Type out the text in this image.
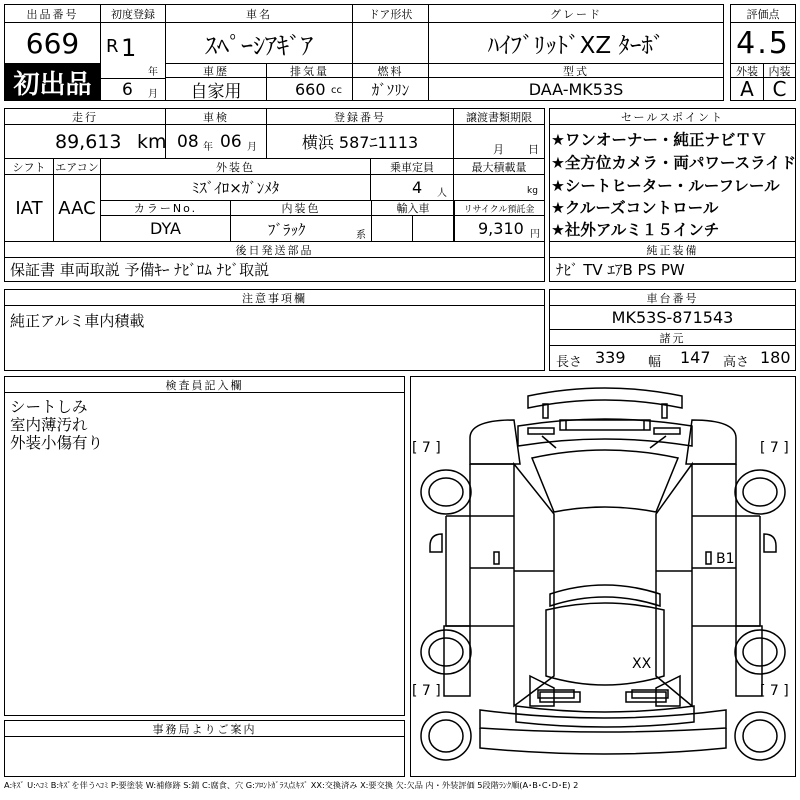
出品番号
669
初出品
初度登録
R 1
年
6 月
車名
ｽﾍﾟｰｼｱｷﾞｱ
ドア形状	グレード
ﾊｲﾌﾞﾘｯﾄﾞXZ ﾀｰﾎﾞ
評価点
4.5
車歴
自家用
排気量
660 cc
燃料
ｶﾞｿﾘﾝ
型式
DAA-MK53S
外装
A
内装
C
走行
89,613 km
車検
08 年 06 月
登録番号
横浜 587ﾆ1113
譲渡書類期限
月 日
シフト
IAT
エアコン
AAC
外装色
ﾐｽﾞｲﾛ×ｶﾞﾝﾒﾀ
乗車定員
4 人
最大積載量
kg
カラーNo.
DYA
内装色
ﾌﾞﾗｯｸ	系
輸入車	リサイクル預託金
9,310 円
後日発送部品
保証書 車両取説 予備ｷｰ ﾅﾋﾞﾛﾑ ﾅﾋﾞ取説
セールスポイント
★ワンオーナー・純正ナビＴＶ
★全方位カメラ・両パワースライド
★シートヒーター・ルーフレール
★クルーズコントロール
★社外アルミ１５インチ
純正装備
ﾅﾋﾞ TV ｴｱB PS PW
注意事項欄
純正アルミ車内積載
車台番号
MK53S-871543
諸元
長さ 339 幅 147 高さ 180
検査員記入欄
シートしみ
室内薄汚れ
外装小傷有り
事務局よりご案内
[ 7 ]	[ 7 ]
[ 7 ]	[ 7 ]
B1
XX
A:ｷｽﾞ U:ﾍｺﾐ B:ｷｽﾞを伴うﾍｺﾐ P:要塗装 W:補修跡 S:錆 C:腐食、穴 G:ﾌﾛﾝﾄｶﾞﾗｽ点ｷｽﾞ XX:交換済み X:要交換 欠:欠品 内・外装評価 5段階ﾗﾝｸ順(A･B･C･D･E) 2
